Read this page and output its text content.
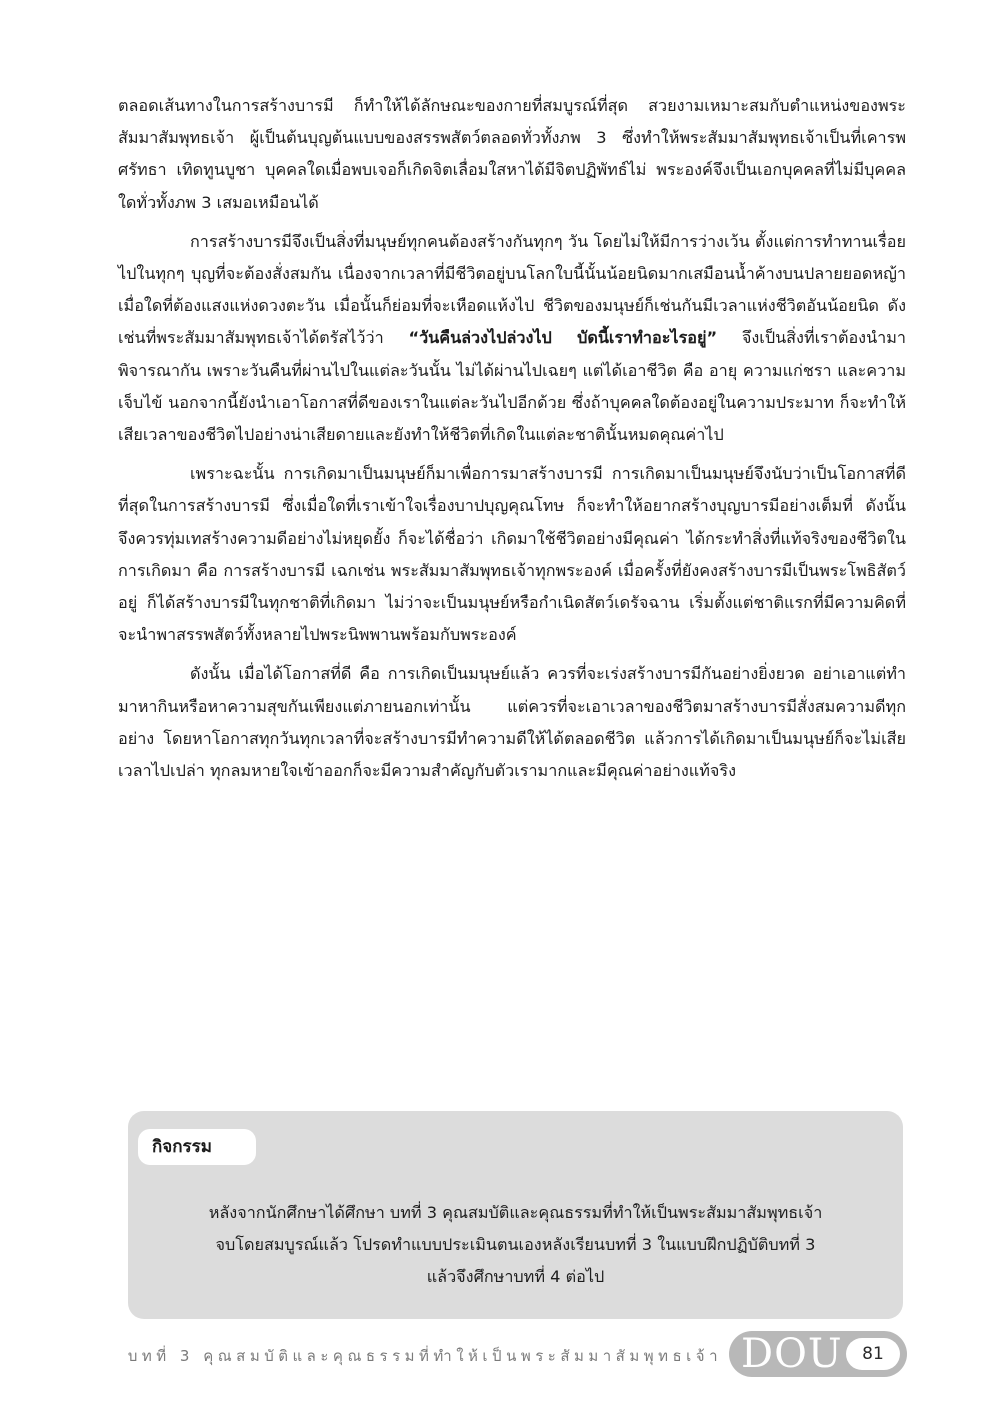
ตลอดเส้นทางในการสร้างบารมี ก็ทำให้ได้ลักษณะของกายที่สมบูรณ์ที่สุด สวยงามเหมาะสมกับตำแหน่งของพระสัมมาสัมพุทธเจ้า ผู้เป็นต้นบุญต้นแบบของสรรพสัตว์ตลอดทั่วทั้งภพ 3 ซึ่งทำให้พระสัมมาสัมพุทธเจ้าเป็นที่เคารพ ศรัทธา เทิดทูนบูชา บุคคลใดเมื่อพบเจอก็เกิดจิตเลื่อมใสหาได้มีจิตปฏิพัทธ์ไม่ พระองค์จึงเป็นเอกบุคคลที่ไม่มีบุคคลใดทั่วทั้งภพ 3 เสมอเหมือนได้

การสร้างบารมีจึงเป็นสิ่งที่มนุษย์ทุกคนต้องสร้างกันทุกๆ วัน โดยไม่ให้มีการว่างเว้น ตั้งแต่การทำทานเรื่อยไปในทุกๆ บุญที่จะต้องสั่งสมกัน เนื่องจากเวลาที่มีชีวิตอยู่บนโลกใบนี้นั้นน้อยนิดมากเสมือนน้ำค้างบนปลายยอดหญ้า เมื่อใดที่ต้องแสงแห่งดวงตะวัน เมื่อนั้นก็ย่อมที่จะเหือดแห้งไป ชีวิตของมนุษย์ก็เช่นกันมีเวลาแห่งชีวิตอันน้อยนิด ดังเช่นที่พระสัมมาสัมพุทธเจ้าได้ตรัสไว้ว่า “วันคืนล่วงไปล่วงไป บัดนี้เราทำอะไรอยู่” จึงเป็นสิ่งที่เราต้องนำมาพิจารณากัน เพราะวันคืนที่ผ่านไปในแต่ละวันนั้น ไม่ได้ผ่านไปเฉยๆ แต่ได้เอาชีวิต คือ อายุ ความแก่ชรา และความเจ็บไข้ นอกจากนี้ยังนำเอาโอกาสที่ดีของเราในแต่ละวันไปอีกด้วย ซึ่งถ้าบุคคลใดต้องอยู่ในความประมาท ก็จะทำให้เสียเวลาของชีวิตไปอย่างน่าเสียดายและยังทำให้ชีวิตที่เกิดในแต่ละชาตินั้นหมดคุณค่าไป

เพราะฉะนั้น การเกิดมาเป็นมนุษย์ก็มาเพื่อการมาสร้างบารมี การเกิดมาเป็นมนุษย์จึงนับว่าเป็นโอกาสที่ดีที่สุดในการสร้างบารมี ซึ่งเมื่อใดที่เราเข้าใจเรื่องบาปบุญคุณโทษ ก็จะทำให้อยากสร้างบุญบารมีอย่างเต็มที่ ดังนั้น จึงควรทุ่มเทสร้างความดีอย่างไม่หยุดยั้ง ก็จะได้ชื่อว่า เกิดมาใช้ชีวิตอย่างมีคุณค่า ได้กระทำสิ่งที่แท้จริงของชีวิตในการเกิดมา คือ การสร้างบารมี เฉกเช่น พระสัมมาสัมพุทธเจ้าทุกพระองค์ เมื่อครั้งที่ยังคงสร้างบารมีเป็นพระโพธิสัตว์อยู่ ก็ได้สร้างบารมีในทุกชาติที่เกิดมา ไม่ว่าจะเป็นมนุษย์หรือกำเนิดสัตว์เดรัจฉาน เริ่มตั้งแต่ชาติแรกที่มีความคิดที่จะนำพาสรรพสัตว์ทั้งหลายไปพระนิพพานพร้อมกับพระองค์

ดังนั้น เมื่อได้โอกาสที่ดี คือ การเกิดเป็นมนุษย์แล้ว ควรที่จะเร่งสร้างบารมีกันอย่างยิ่งยวด อย่าเอาแต่ทำมาหากินหรือหาความสุขกันเพียงแต่ภายนอกเท่านั้น แต่ควรที่จะเอาเวลาของชีวิตมาสร้างบารมีสั่งสมความดีทุกอย่าง โดยหาโอกาสทุกวันทุกเวลาที่จะสร้างบารมีทำความดีให้ได้ตลอดชีวิต แล้วการได้เกิดมาเป็นมนุษย์ก็จะไม่เสียเวลาไปเปล่า ทุกลมหายใจเข้าออกก็จะมีความสำคัญกับตัวเรามากและมีคุณค่าอย่างแท้จริง

กิจกรรม
หลังจากนักศึกษาได้ศึกษา บทที่ 3 คุณสมบัติและคุณธรรมที่ทำให้เป็นพระสัมมาสัมพุทธเจ้า
จบโดยสมบูรณ์แล้ว โปรดทำแบบประเมินตนเองหลังเรียนบทที่ 3 ในแบบฝึกปฏิบัติบทที่ 3
แล้วจึงศึกษาบทที่ 4 ต่อไป
บทที่ 3 คุณสมบัติและคุณธรรมที่ทำให้เป็นพระสัมมาสัมพุทธเจ้า DOU	81
